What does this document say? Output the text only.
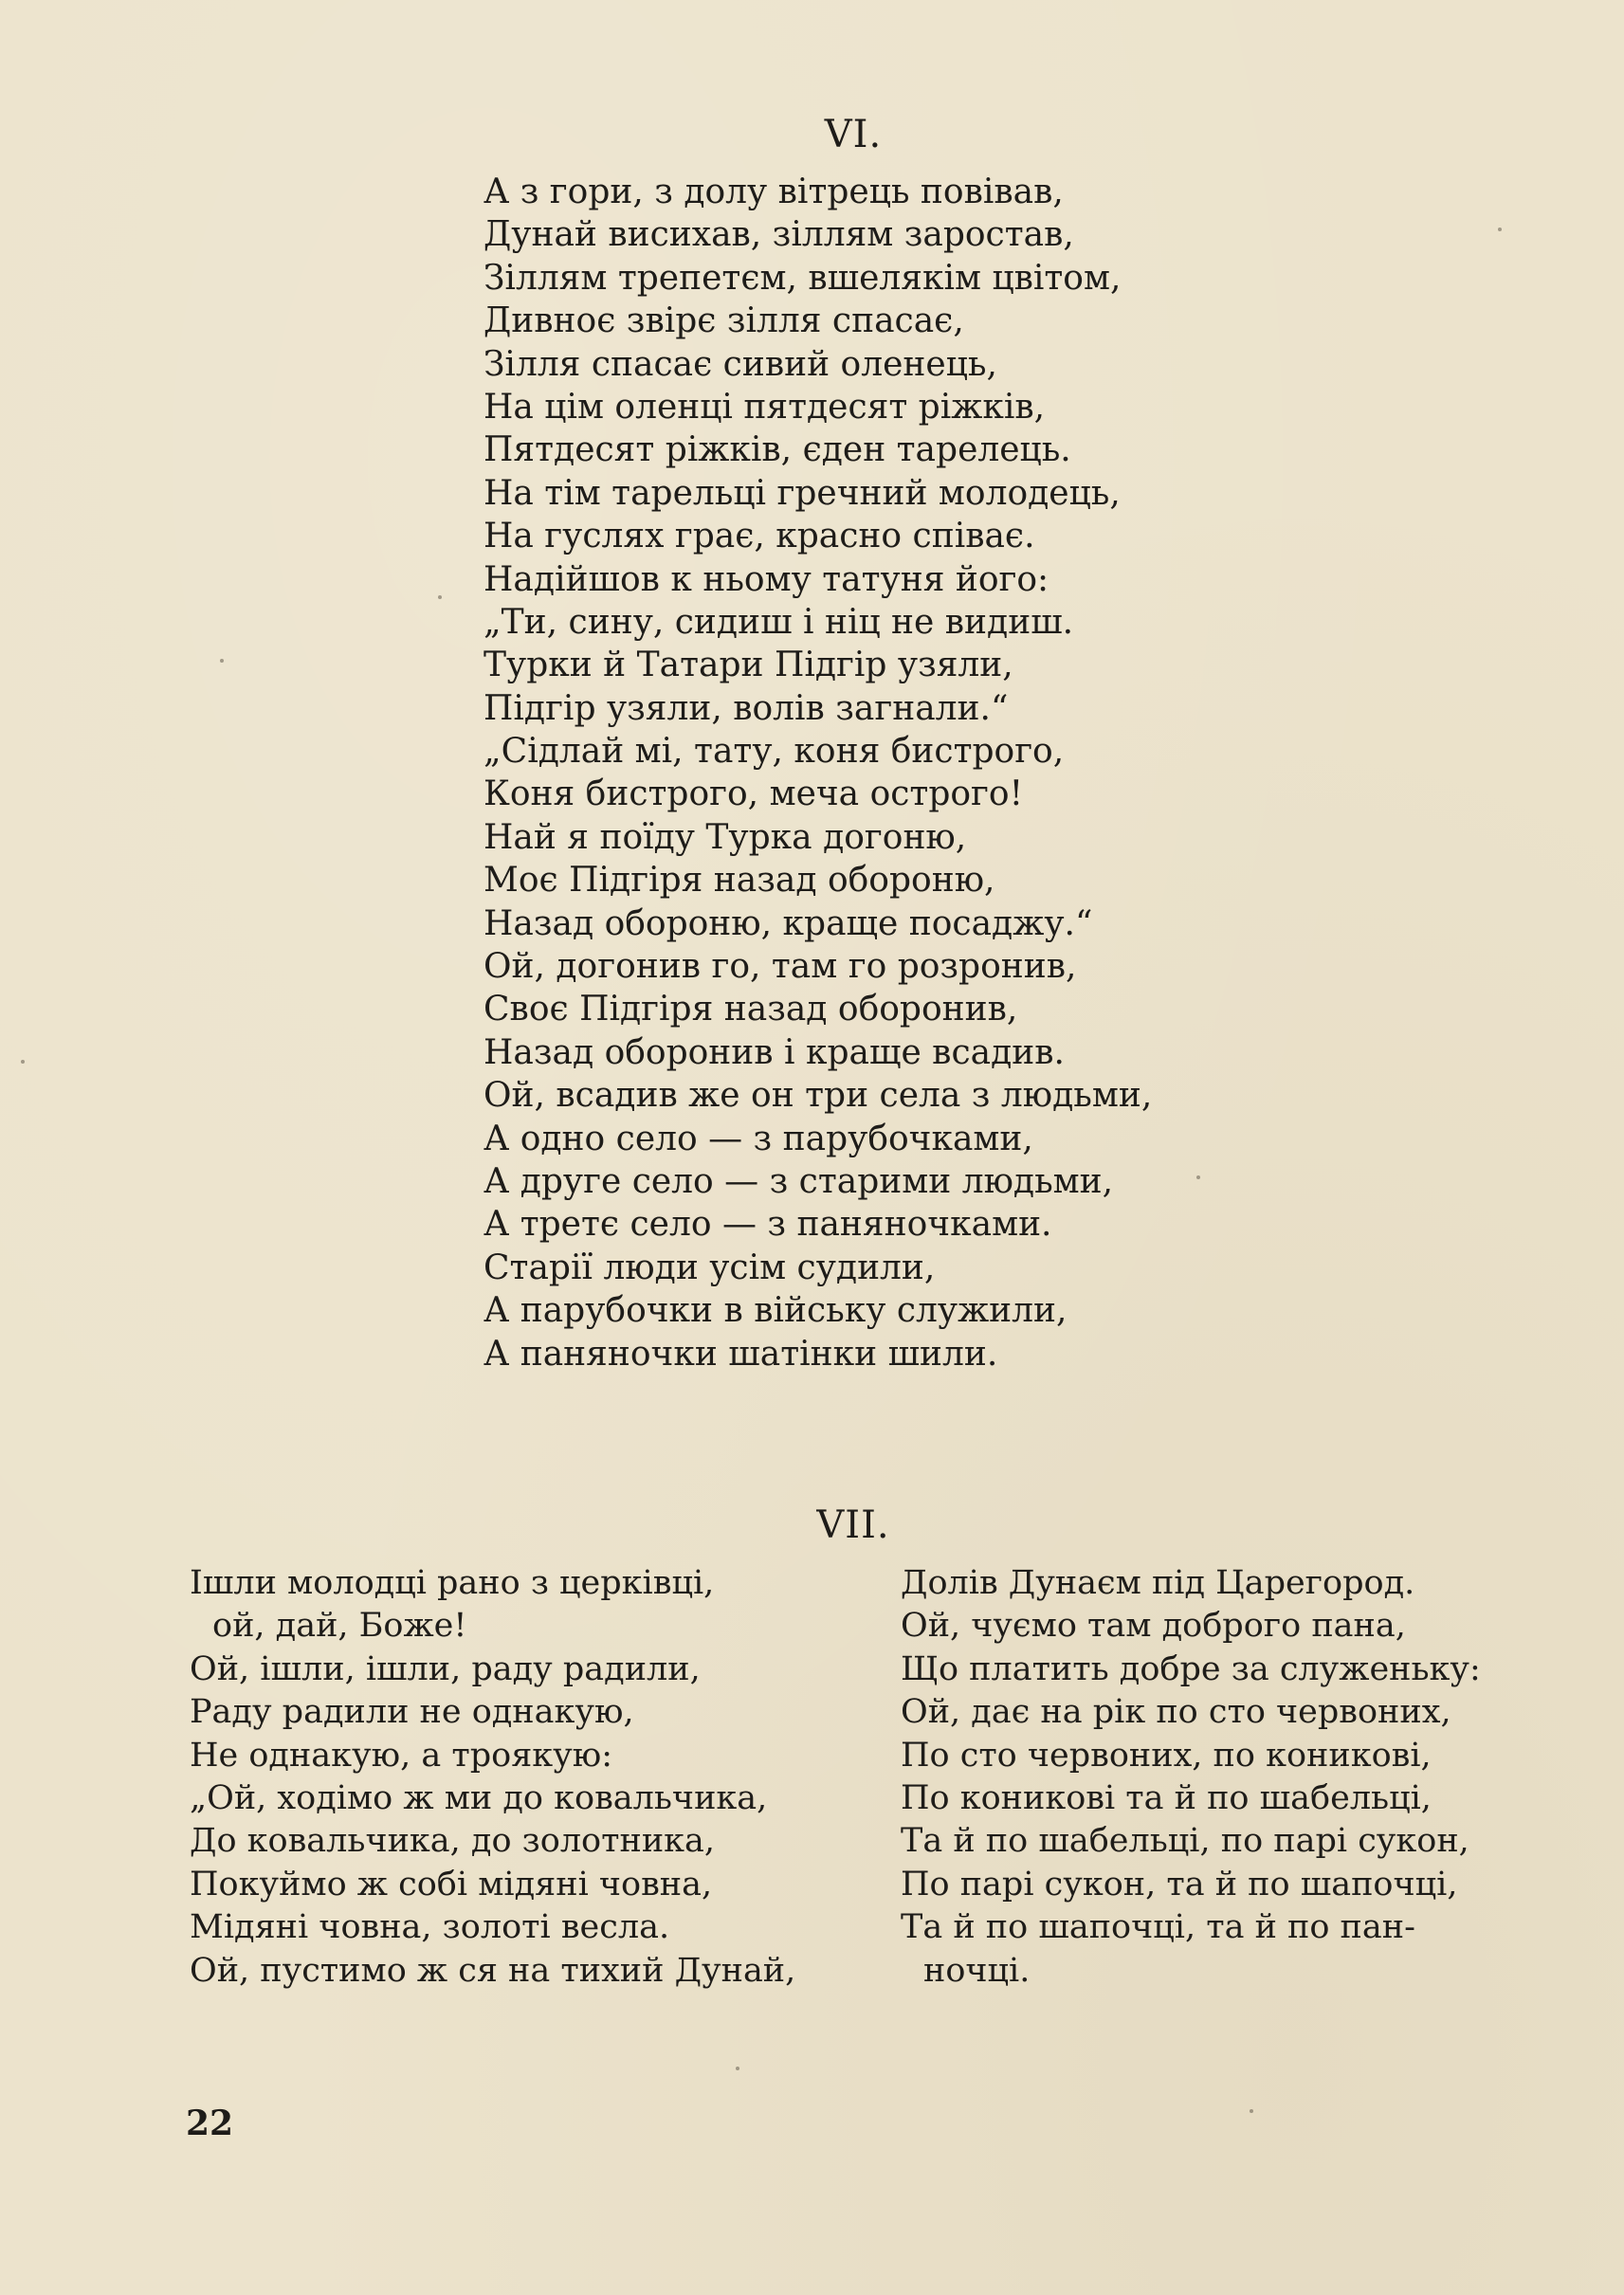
VI.
А з гори, з долу вітрець повівав,
Дунай висихав, зіллям заростав,
Зіллям трепетєм, вшелякім цвітом,
Дивноє звірє зілля спасає,
Зілля спасає сивий оленець,
На цім оленці пятдесят ріжків,
Пятдесят ріжків, єден тарелець.
На тім тарельці гречний молодець,
На гуслях грає, красно співає.
Надійшов к ньому татуня його:
„Ти, сину, сидиш і ніц не видиш.
Турки й Татари Підгір узяли,
Підгір узяли, волів загнали.“
„Сідлай мі, тату, коня бистрого,
Коня бистрого, меча острого!
Най я поїду Турка догоню,
Моє Підгіря назад обороню,
Назад обороню, краще посаджу.“
Ой, догонив го, там го розронив,
Своє Підгіря назад оборонив,
Назад оборонив і краще всадив.
Ой, всадив же он три села з людьми,
А одно село — з парубочками,
А друге село — з старими людьми,
А третє село — з паняночками.
Старії люди усім судили,
А парубочки в війську служили,
А паняночки шатінки шили.
VII.
Ішли молодці рано з церківці,
ой, дай, Боже!
Ой, ішли, ішли, раду радили,
Раду радили не однакую,
Не однакую, а троякую:
„Ой, ходімо ж ми до ковальчика,
До ковальчика, до золотника,
Покуймо ж собі мідяні човна,
Мідяні човна, золоті весла.
Ой, пустимо ж ся на тихий Дунай,
Долів Дунаєм під Царегород.
Ой, чуємо там доброго пана,
Що платить добре за служеньку:
Ой, дає на рік по сто червоних,
По сто червоних, по коникові,
По коникові та й по шабельці,
Та й по шабельці, по парі сукон,
По парі сукон, та й по шапочці,
Та й по шапочці, та й по пан-
ночці.
22
